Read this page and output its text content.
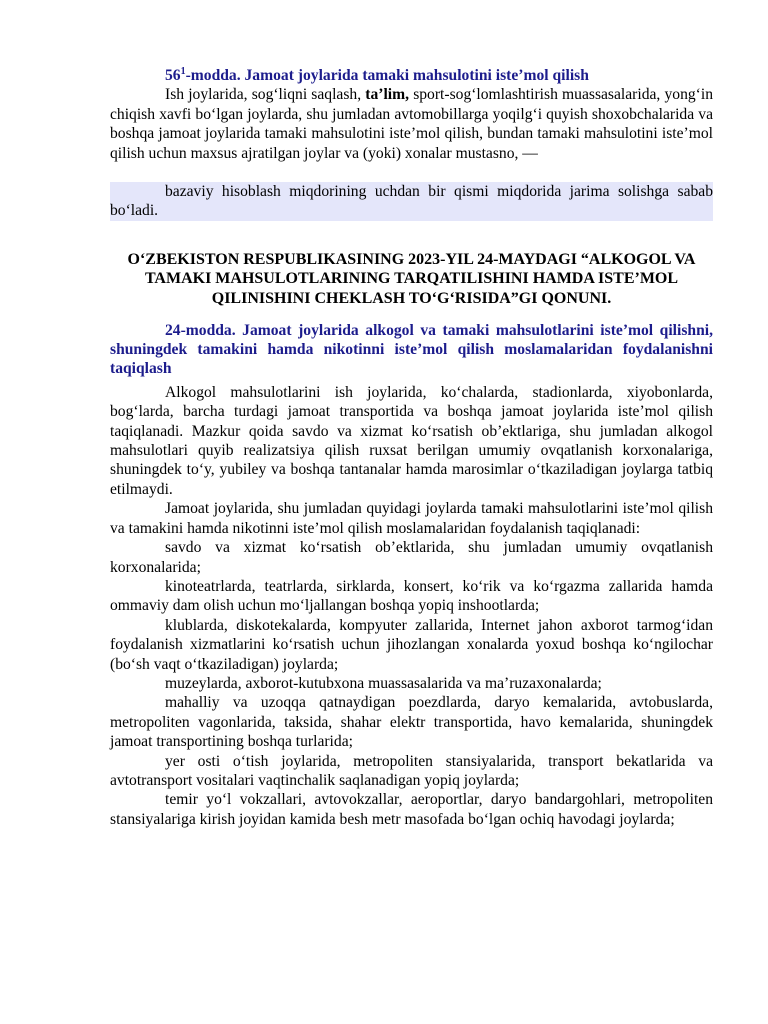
$56^1$-modda. Jamoat joylarida tamaki mahsulotini iste’mol qilish

Ish joylarida, sog‘liqni saqlash, ta’lim, sport-sog‘lomlashtirish muassasalarida, yong‘in chiqish xavfi bo‘lgan joylarda, shu jumladan avtomobillarga yoqilg‘i quyish shoxobchalarida va boshqa jamoat joylarida tamaki mahsulotini iste’mol qilish, bundan tamaki mahsulotini iste’mol qilish uchun maxsus ajratilgan joylar va (yoki) xonalar mustasno, —

bazaviy hisoblash miqdorining uchdan bir qismi miqdorida jarima solishga sabab bo‘ladi.

O‘ZBEKISTON RESPUBLIKASINING 2023-YIL 24-MAYDAGI “ALKOGOL VA TAMAKI MAHSULOTLARINING TARQATILISHINI HAMDA ISTE’MOL QILINISHINI CHEKLASH TO‘G‘RISIDA”GI QONUNI.

24-modda. Jamoat joylarida alkogol va tamaki mahsulotlarini iste’mol qilishni, shuningdek tamakini hamda nikotinni iste’mol qilish moslamalaridan foydalanishni taqiqlash

Alkogol mahsulotlarini ish joylarida, ko‘chalarda, stadionlarda, xiyobonlarda, bog‘larda, barcha turdagi jamoat transportida va boshqa jamoat joylarida iste’mol qilish taqiqlanadi. Mazkur qoida savdo va xizmat ko‘rsatish ob’ektlariga, shu jumladan alkogol mahsulotlari quyib realizatsiya qilish ruxsat berilgan umumiy ovqatlanish korxonalariga, shuningdek to‘y, yubiley va boshqa tantanalar hamda marosimlar o‘tkaziladigan joylarga tatbiq etilmaydi.

Jamoat joylarida, shu jumladan quyidagi joylarda tamaki mahsulotlarini iste’mol qilish va tamakini hamda nikotinni iste’mol qilish moslamalaridan foydalanish taqiqlanadi:

savdo va xizmat ko‘rsatish ob’ektlarida, shu jumladan umumiy ovqatlanish korxonalarida;

kinoteatrlarda, teatrlarda, sirklarda, konsert, ko‘rik va ko‘rgazma zallarida hamda ommaviy dam olish uchun mo‘ljallangan boshqa yopiq inshootlarda;

klublarda, diskotekalarda, kompyuter zallarida, Internet jahon axborot tarmog‘idan foydalanish xizmatlarini ko‘rsatish uchun jihozlangan xonalarda yoxud boshqa ko‘ngilochar (bo‘sh vaqt o‘tkaziladigan) joylarda;

muzeylarda, axborot-kutubxona muassasalarida va ma’ruzaxonalarda;

mahalliy va uzoqqa qatnaydigan poezdlarda, daryo kemalarida, avtobuslarda, metropoliten vagonlarida, taksida, shahar elektr transportida, havo kemalarida, shuningdek jamoat transportining boshqa turlarida;

yer osti o‘tish joylarida, metropoliten stansiyalarida, transport bekatlarida va avtotransport vositalari vaqtinchalik saqlanadigan yopiq joylarda;

temir yo‘l vokzallari, avtovokzallar, aeroportlar, daryo bandargohlari, metropoliten stansiyalariga kirish joyidan kamida besh metr masofada bo‘lgan ochiq havodagi joylarda;
